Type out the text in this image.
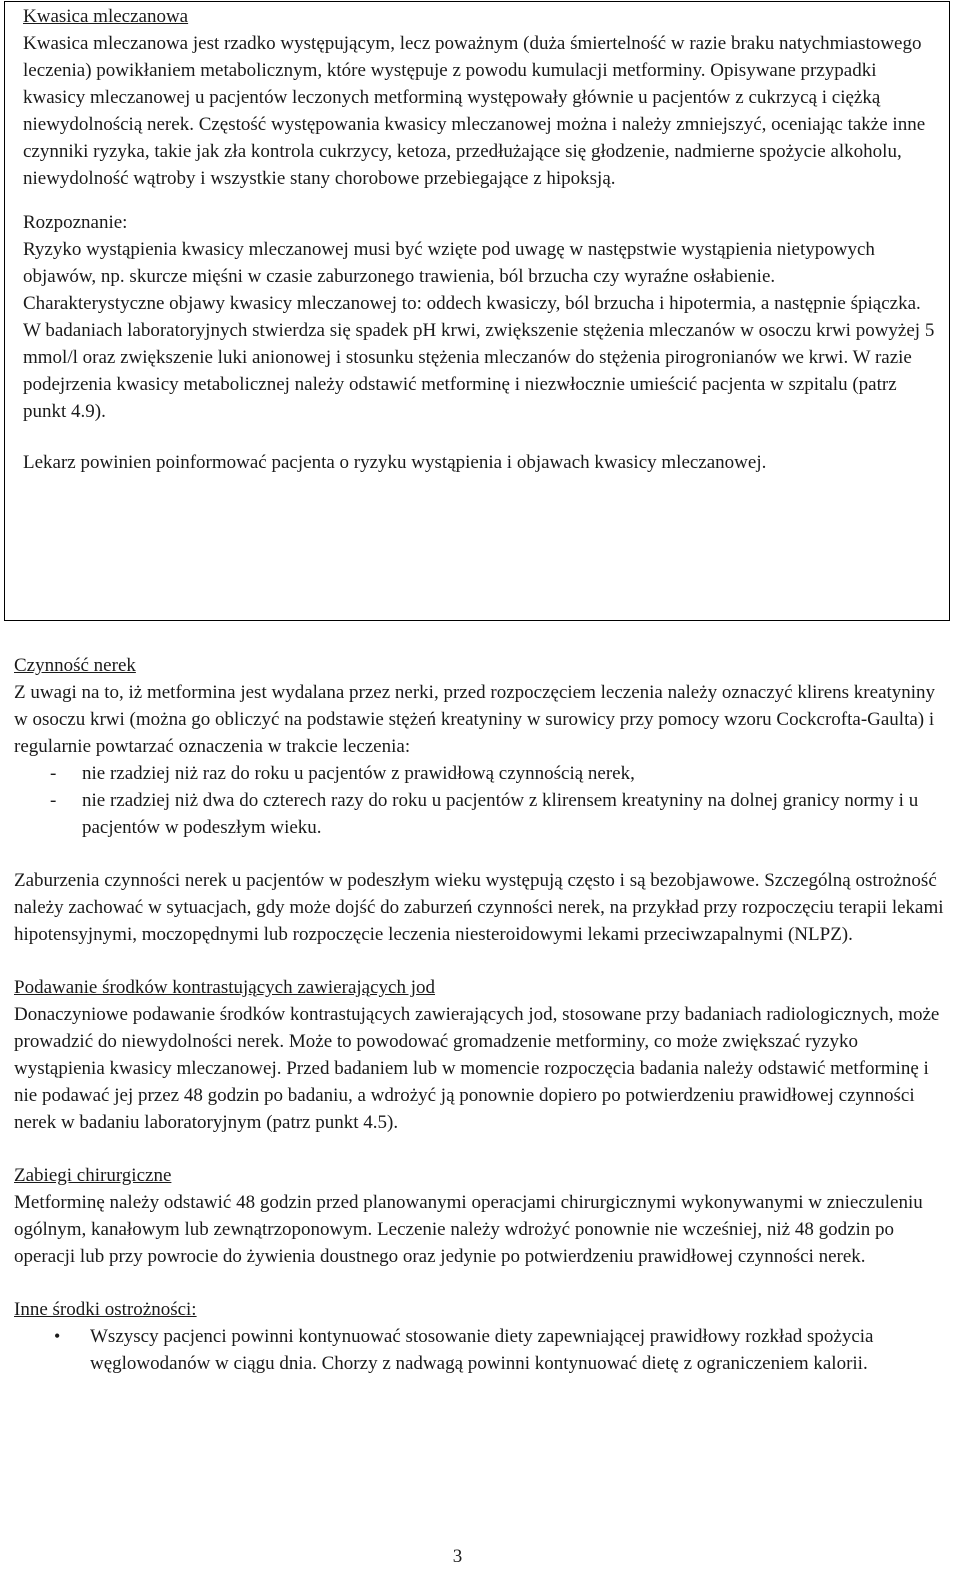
Kwasica mleczanowa

Kwasica mleczanowa jest rzadko występującym, lecz poważnym (duża śmiertelność w razie braku natychmiastowego leczenia) powikłaniem metabolicznym, które występuje z powodu kumulacji metforminy. Opisywane przypadki kwasicy mleczanowej u pacjentów leczonych metforminą występowały głównie u pacjentów z cukrzycą i ciężką niewydolnością nerek. Częstość występowania kwasicy mleczanowej można i należy zmniejszyć, oceniając także inne czynniki ryzyka, takie jak zła kontrola cukrzycy, ketoza, przedłużające się głodzenie, nadmierne spożycie alkoholu, niewydolność wątroby i wszystkie stany chorobowe przebiegające z hipoksją.

Rozpoznanie:

Ryzyko wystąpienia kwasicy mleczanowej musi być wzięte pod uwagę w następstwie wystąpienia nietypowych objawów, np. skurcze mięśni w czasie zaburzonego trawienia, ból brzucha czy wyraźne osłabienie.

Charakterystyczne objawy kwasicy mleczanowej to: oddech kwasiczy, ból brzucha i hipotermia, a następnie śpiączka. W badaniach laboratoryjnych stwierdza się spadek pH krwi, zwiększenie stężenia mleczanów w osoczu krwi powyżej 5 mmol/l oraz zwiększenie luki anionowej i stosunku stężenia mleczanów do stężenia pirogronianów we krwi. W razie podejrzenia kwasicy metabolicznej należy odstawić metforminę i niezwłocznie umieścić pacjenta w szpitalu (patrz punkt 4.9).

Lekarz powinien poinformować pacjenta o ryzyku wystąpienia i objawach kwasicy mleczanowej.

Czynność nerek

Z uwagi na to, iż metformina jest wydalana przez nerki, przed rozpoczęciem leczenia należy oznaczyć klirens kreatyniny w osoczu krwi (można go obliczyć na podstawie stężeń kreatyniny w surowicy przy pomocy wzoru Cockcrofta-Gaulta) i regularnie powtarzać oznaczenia w trakcie leczenia:

- nie rzadziej niż raz do roku u pacjentów z prawidłową czynnością nerek,
- nie rzadziej niż dwa do czterech razy do roku u pacjentów z klirensem kreatyniny na dolnej granicy normy i u pacjentów w podeszłym wieku.

Zaburzenia czynności nerek u pacjentów w podeszłym wieku występują często i są bezobjawowe. Szczególną ostrożność należy zachować w sytuacjach, gdy może dojść do zaburzeń czynności nerek, na przykład przy rozpoczęciu terapii lekami hipotensyjnymi, moczopędnymi lub rozpoczęcie leczenia niesteroidowymi lekami przeciwzapalnymi (NLPZ).

Podawanie środków kontrastujących zawierających jod

Donaczyniowe podawanie środków kontrastujących zawierających jod, stosowane przy badaniach radiologicznych, może prowadzić do niewydolności nerek. Może to powodować gromadzenie metforminy, co może zwiększać ryzyko wystąpienia kwasicy mleczanowej. Przed badaniem lub w momencie rozpoczęcia badania należy odstawić metforminę i nie podawać jej przez 48 godzin po badaniu, a wdrożyć ją ponownie dopiero po potwierdzeniu prawidłowej czynności nerek w badaniu laboratoryjnym (patrz punkt 4.5).

Zabiegi chirurgiczne

Metforminę należy odstawić 48 godzin przed planowanymi operacjami chirurgicznymi wykonywanymi w znieczuleniu ogólnym, kanałowym lub zewnątrzoponowym. Leczenie należy wdrożyć ponownie nie wcześniej, niż 48 godzin po operacji lub przy powrocie do żywienia doustnego oraz jedynie po potwierdzeniu prawidłowej czynności nerek.

Inne środki ostrożności:

• Wszyscy pacjenci powinni kontynuować stosowanie diety zapewniającej prawidłowy rozkład spożycia węglowodanów w ciągu dnia. Chorzy z nadwagą powinni kontynuować dietę z ograniczeniem kalorii.
3
